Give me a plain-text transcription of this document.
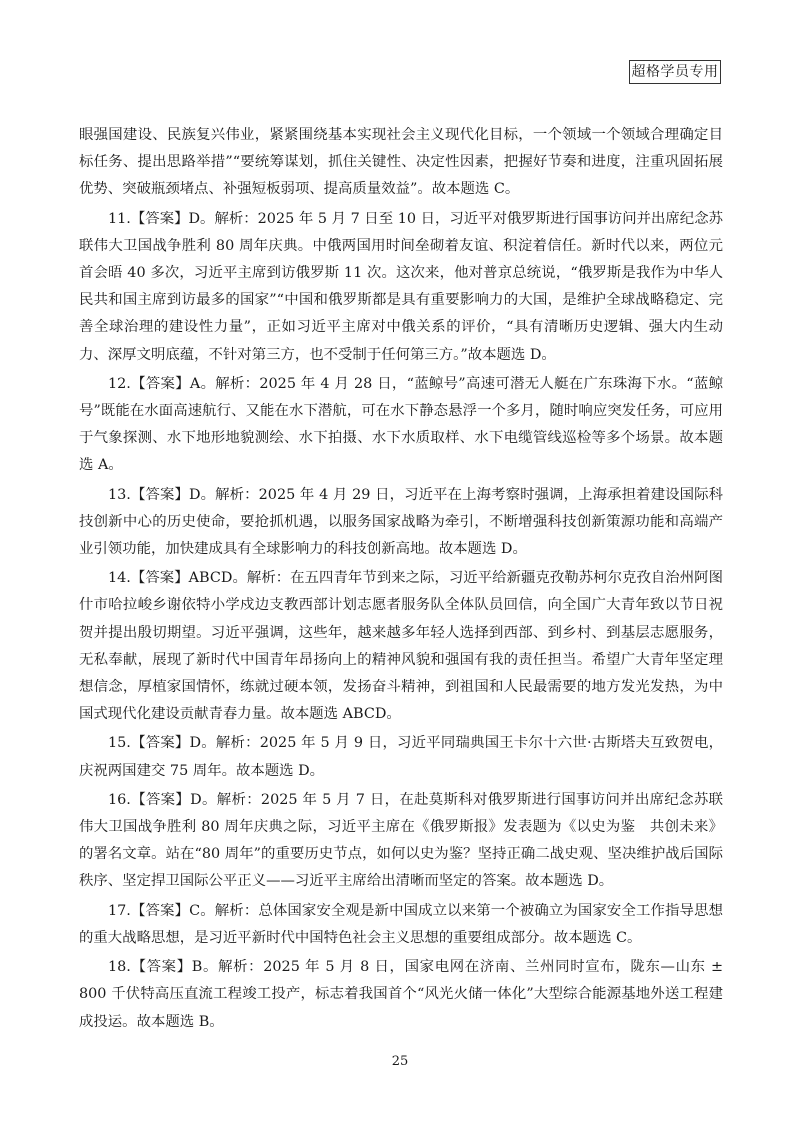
超格学员专用

眼强国建设、民族复兴伟业，紧紧围绕基本实现社会主义现代化目标，一个领域一个领域合理确定目标任务、提出思路举措”“要统筹谋划，抓住关键性、决定性因素，把握好节奏和进度，注重巩固拓展优势、突破瓶颈堵点、补强短板弱项、提高质量效益”。故本题选 C。

11.【答案】D。解析：2025 年 5 月 7 日至 10 日，习近平对俄罗斯进行国事访问并出席纪念苏联伟大卫国战争胜利 80 周年庆典。中俄两国用时间垒砌着友谊、积淀着信任。新时代以来，两位元首会晤 40 多次，习近平主席到访俄罗斯 11 次。这次来，他对普京总统说，“俄罗斯是我作为中华人民共和国主席到访最多的国家”“中国和俄罗斯都是具有重要影响力的大国，是维护全球战略稳定、完善全球治理的建设性力量”，正如习近平主席对中俄关系的评价，“具有清晰历史逻辑、强大内生动力、深厚文明底蕴，不针对第三方，也不受制于任何第三方。”故本题选 D。

12.【答案】A。解析：2025 年 4 月 28 日，“蓝鲸号”高速可潜无人艇在广东珠海下水。“蓝鲸号”既能在水面高速航行、又能在水下潜航，可在水下静态悬浮一个多月，随时响应突发任务，可应用于气象探测、水下地形地貌测绘、水下拍摄、水下水质取样、水下电缆管线巡检等多个场景。故本题选 A。

13.【答案】D。解析：2025 年 4 月 29 日，习近平在上海考察时强调，上海承担着建设国际科技创新中心的历史使命，要抢抓机遇，以服务国家战略为牵引，不断增强科技创新策源功能和高端产业引领功能，加快建成具有全球影响力的科技创新高地。故本题选 D。

14.【答案】ABCD。解析：在五四青年节到来之际，习近平给新疆克孜勒苏柯尔克孜自治州阿图什市哈拉峻乡谢依特小学戍边支教西部计划志愿者服务队全体队员回信，向全国广大青年致以节日祝贺并提出殷切期望。习近平强调，这些年，越来越多年轻人选择到西部、到乡村、到基层志愿服务，无私奉献，展现了新时代中国青年昂扬向上的精神风貌和强国有我的责任担当。希望广大青年坚定理想信念，厚植家国情怀，练就过硬本领，发扬奋斗精神，到祖国和人民最需要的地方发光发热，为中国式现代化建设贡献青春力量。故本题选 ABCD。

15.【答案】D。解析：2025 年 5 月 9 日，习近平同瑞典国王卡尔十六世·古斯塔夫互致贺电，庆祝两国建交 75 周年。故本题选 D。

16.【答案】D。解析：2025 年 5 月 7 日，在赴莫斯科对俄罗斯进行国事访问并出席纪念苏联伟大卫国战争胜利 80 周年庆典之际，习近平主席在《俄罗斯报》发表题为《以史为鉴　共创未来》的署名文章。站在“80 周年”的重要历史节点，如何以史为鉴？坚持正确二战史观、坚决维护战后国际秩序、坚定捍卫国际公平正义——习近平主席给出清晰而坚定的答案。故本题选 D。

17.【答案】C。解析：总体国家安全观是新中国成立以来第一个被确立为国家安全工作指导思想的重大战略思想，是习近平新时代中国特色社会主义思想的重要组成部分。故本题选 C。

18.【答案】B。解析：2025 年 5 月 8 日，国家电网在济南、兰州同时宣布，陇东—山东 ± 800 千伏特高压直流工程竣工投产，标志着我国首个“风光火储一体化”大型综合能源基地外送工程建成投运。故本题选 B。

25
